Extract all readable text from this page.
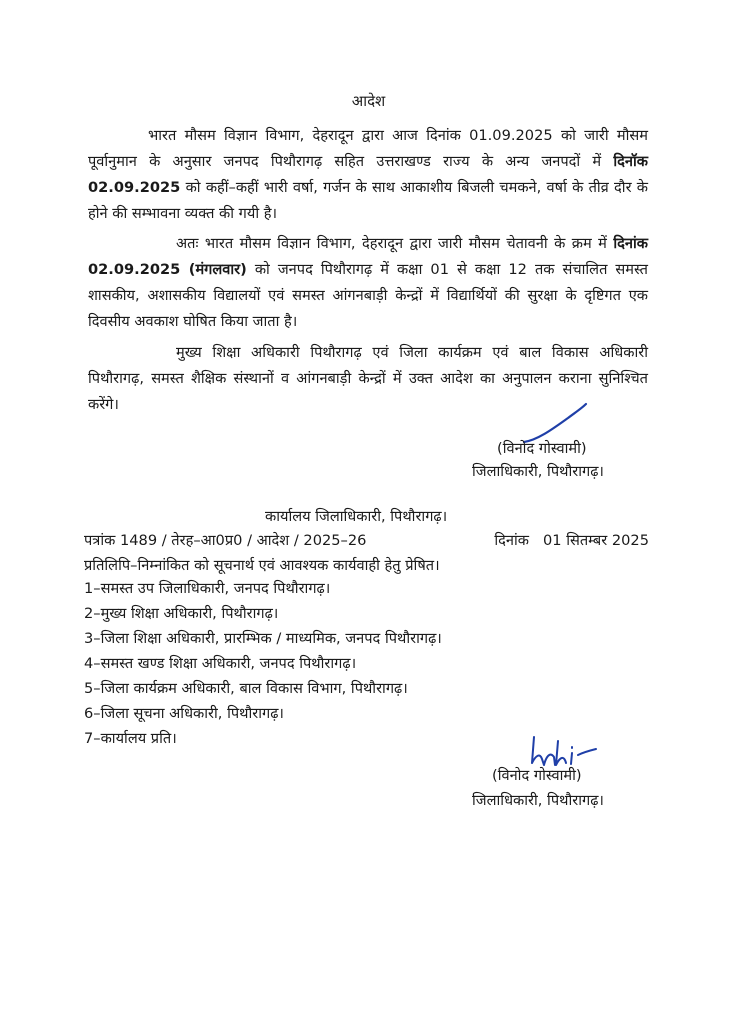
आदेश

भारत मौसम विज्ञान विभाग, देहरादून द्वारा आज दिनांक 01.09.2025 को जारी मौसम पूर्वानुमान के अनुसार जनपद पिथौरागढ़ सहित उत्तराखण्ड राज्य के अन्य जनपदों में दिनॉक 02.09.2025 को कहीं–कहीं भारी वर्षा, गर्जन के साथ आकाशीय बिजली चमकने, वर्षा के तीव्र दौर के होने की सम्भावना व्यक्त की गयी है।

अतः भारत मौसम विज्ञान विभाग, देहरादून द्वारा जारी मौसम चेतावनी के क्रम में दिनांक 02.09.2025 (मंगलवार) को जनपद पिथौरागढ़ में कक्षा 01 से कक्षा 12 तक संचालित समस्त शासकीय, अशासकीय विद्यालयों एवं समस्त आंगनबाड़ी केन्द्रों में विद्यार्थियों की सुरक्षा के दृष्टिगत एक दिवसीय अवकाश घोषित किया जाता है।

मुख्य शिक्षा अधिकारी पिथौरागढ़ एवं जिला कार्यक्रम एवं बाल विकास अधिकारी पिथौरागढ़, समस्त शैक्षिक संस्थानों व आंगनबाड़ी केन्द्रों में उक्त आदेश का अनुपालन कराना सुनिश्चित करेंगे।

(विनोद गोस्वामी)
जिलाधिकारी, पिथौरागढ़।
कार्यालय जिलाधिकारी, पिथौरागढ़।
पत्रांक 1489 / तेरह–आ0प्र0 / आदेश / 2025–26	दिनांक 01 सितम्बर 2025
प्रतिलिपि–निम्नांकित को सूचनार्थ एवं आवश्यक कार्यवाही हेतु प्रेषित।
1–समस्त उप जिलाधिकारी, जनपद पिथौरागढ़।
2–मुख्य शिक्षा अधिकारी, पिथौरागढ़।
3–जिला शिक्षा अधिकारी, प्रारम्भिक / माध्यमिक, जनपद पिथौरागढ़।
4–समस्त खण्ड शिक्षा अधिकारी, जनपद पिथौरागढ़।
5–जिला कार्यक्रम अधिकारी, बाल विकास विभाग, पिथौरागढ़।
6–जिला सूचना अधिकारी, पिथौरागढ़।
7–कार्यालय प्रति।
(विनोद गोस्वामी)
जिलाधिकारी, पिथौरागढ़।
